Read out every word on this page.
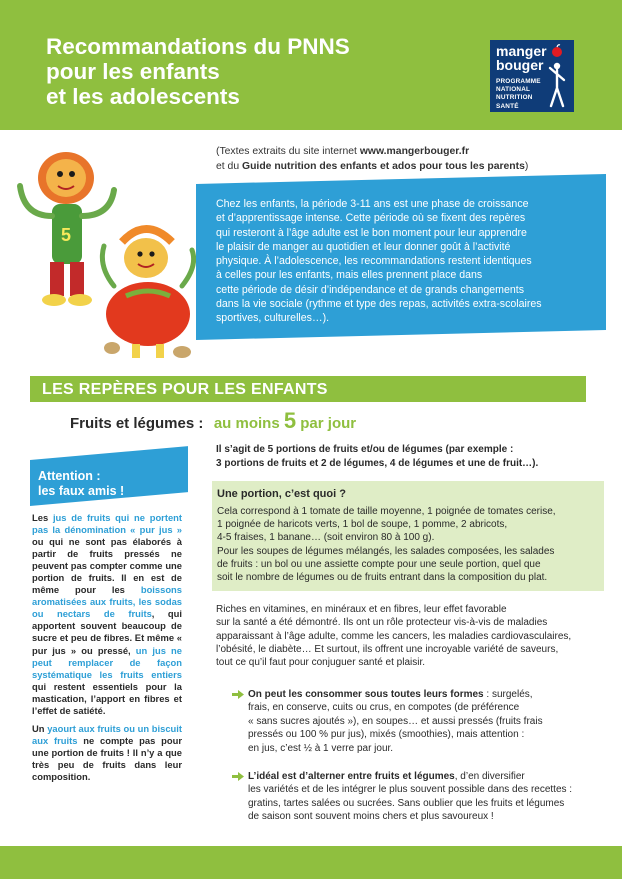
Recommandations du PNNS
pour les enfants
et les adolescents
manger
bouger
PROGRAMME
NATIONAL
NUTRITION
SANTÉ
(Textes extraits du site internet www.mangerbouger.fr
et du Guide nutrition des enfants et ados pour tous les parents)
5
Chez les enfants, la période 3-11 ans est une phase de croissance
et d’apprentissage intense. Cette période où se fixent des repères
qui resteront à l’âge adulte est le bon moment pour leur apprendre
le plaisir de manger au quotidien et leur donner goût à l’activité
physique. À l’adolescence, les recommandations restent identiques
à celles pour les enfants, mais elles prennent place dans
cette période de désir d’indépendance et de grands changements
dans la vie sociale (rythme et type des repas, activités extra-scolaires
sportives, culturelles…).
LES REPÈRES POUR LES ENFANTS
Fruits et légumes : au moins 5 par jour
Attention :
les faux amis !
Les jus de fruits qui ne portent pas la dénomination « pur jus » ou qui ne sont pas élaborés à partir de fruits pressés ne peuvent pas compter comme une portion de fruits. Il en est de même pour les boissons aromatisées aux fruits, les sodas ou nectars de fruits, qui apportent souvent beaucoup de sucre et peu de fibres. Et même « pur jus » ou pressé, un jus ne peut remplacer de façon systématique les fruits entiers qui restent essentiels pour la mastication, l’apport en fibres et l’effet de satiété.
Un yaourt aux fruits ou un biscuit aux fruits ne compte pas pour une portion de fruits ! Il n’y a que très peu de fruits dans leur composition.
Il s’agit de 5 portions de fruits et/ou de légumes (par exemple :
3 portions de fruits et 2 de légumes, 4 de légumes et une de fruit…).
Une portion, c’est quoi ?
Cela correspond à 1 tomate de taille moyenne, 1 poignée de tomates cerise,
1 poignée de haricots verts, 1 bol de soupe, 1 pomme, 2 abricots,
4-5 fraises, 1 banane… (soit environ 80 à 100 g).
Pour les soupes de légumes mélangés, les salades composées, les salades
de fruits : un bol ou une assiette compte pour une seule portion, quel que
soit le nombre de légumes ou de fruits entrant dans la composition du plat.
Riches en vitamines, en minéraux et en fibres, leur effet favorable
sur la santé a été démontré. Ils ont un rôle protecteur vis-à-vis de maladies
apparaissant à l’âge adulte, comme les cancers, les maladies cardiovasculaires,
l’obésité, le diabète… Et surtout, ils offrent une incroyable variété de saveurs,
tout ce qu’il faut pour conjuguer santé et plaisir.
On peut les consommer sous toutes leurs formes : surgelés,
frais, en conserve, cuits ou crus, en compotes (de préférence
« sans sucres ajoutés »), en soupes… et aussi pressés (fruits frais
pressés ou 100 % pur jus), mixés (smoothies), mais attention :
en jus, c’est ½ à 1 verre par jour.
L’idéal est d’alterner entre fruits et légumes, d’en diversifier
les variétés et de les intégrer le plus souvent possible dans des recettes :
gratins, tartes salées ou sucrées. Sans oublier que les fruits et légumes
de saison sont souvent moins chers et plus savoureux !
